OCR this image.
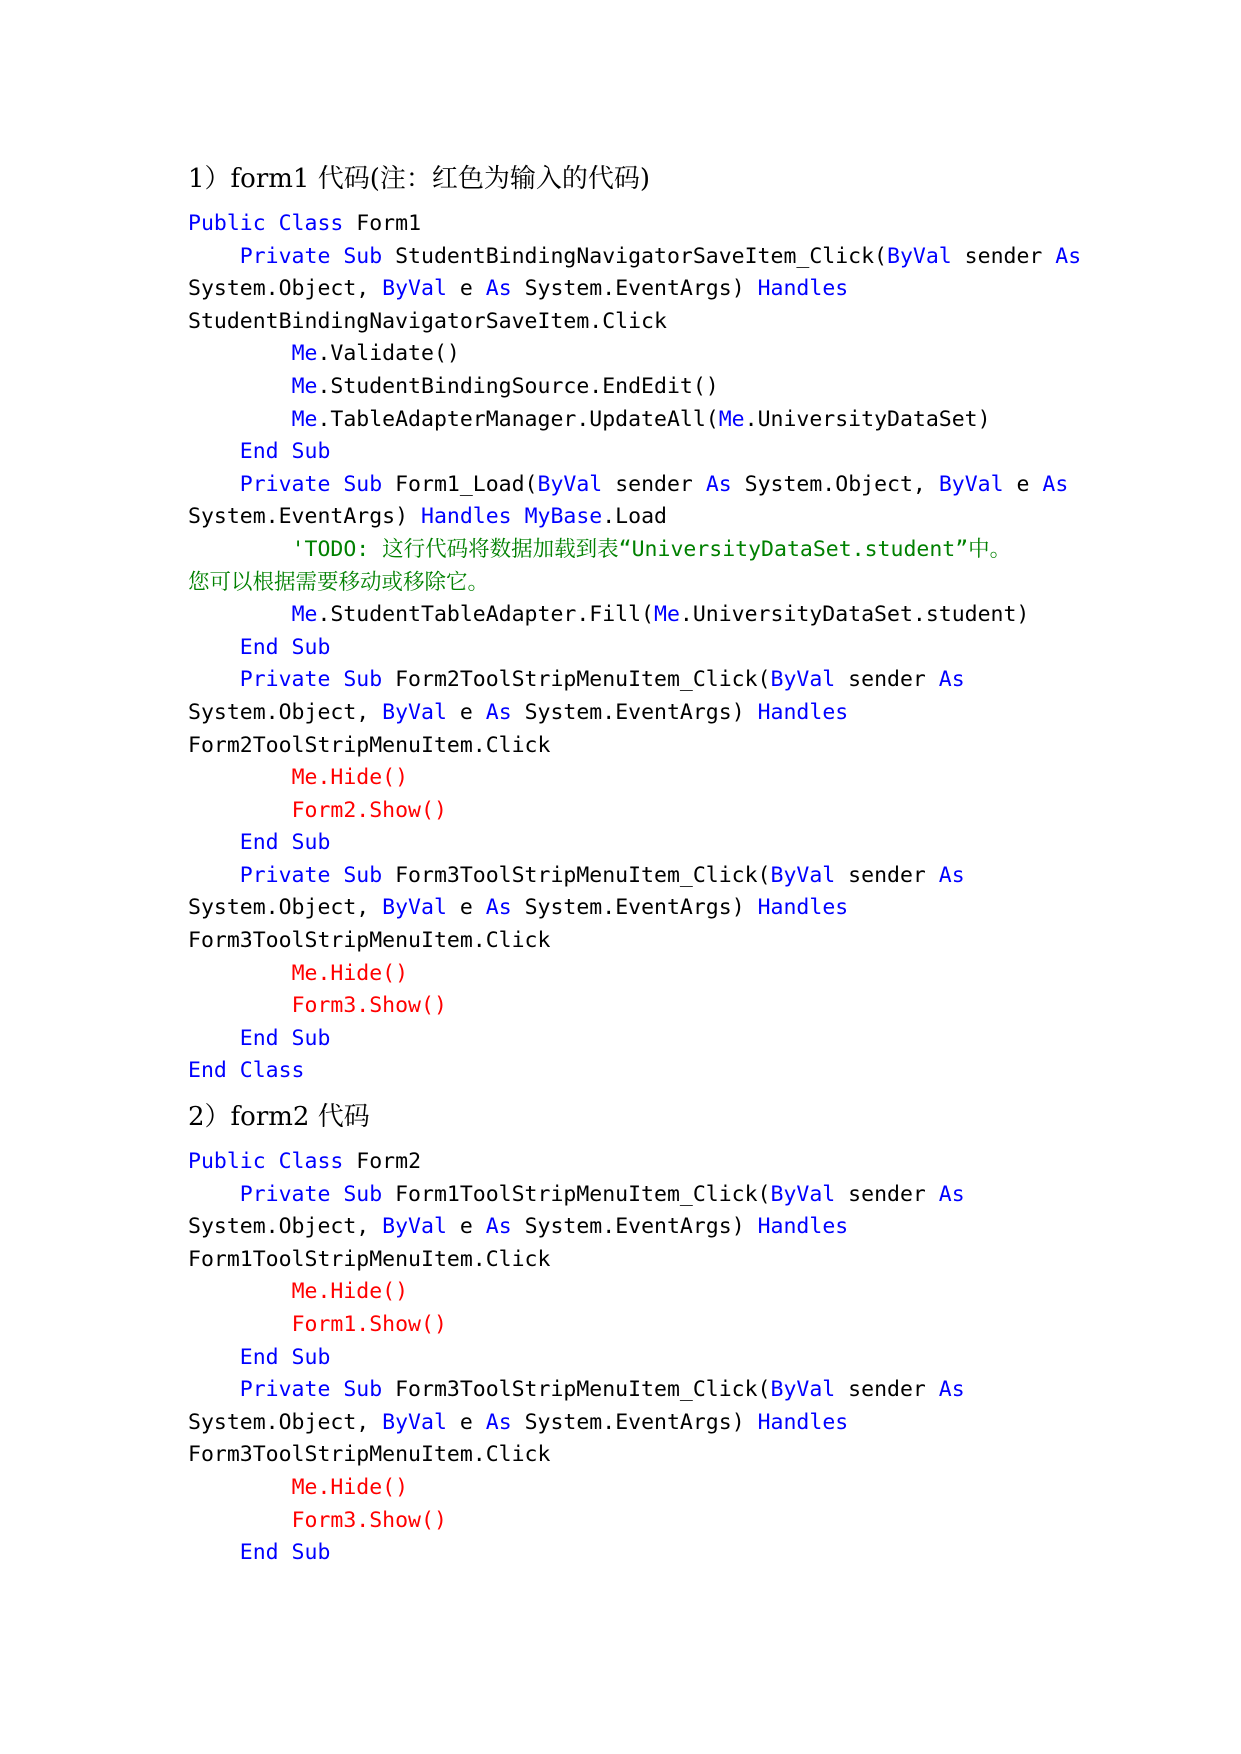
1）form1 代码(注：红色为输入的代码)
Public Class Form1
Private Sub StudentBindingNavigatorSaveItem_Click(ByVal sender As
System.Object, ByVal e As System.EventArgs) Handles
StudentBindingNavigatorSaveItem.Click
Me.Validate()
Me.StudentBindingSource.EndEdit()
Me.TableAdapterManager.UpdateAll(Me.UniversityDataSet)
End Sub
Private Sub Form1_Load(ByVal sender As System.Object, ByVal e As
System.EventArgs) Handles MyBase.Load
'TODO: 这行代码将数据加载到表“UniversityDataSet.student”中。
您可以根据需要移动或移除它。
Me.StudentTableAdapter.Fill(Me.UniversityDataSet.student)
End Sub
Private Sub Form2ToolStripMenuItem_Click(ByVal sender As
System.Object, ByVal e As System.EventArgs) Handles
Form2ToolStripMenuItem.Click
Me.Hide()
Form2.Show()
End Sub
Private Sub Form3ToolStripMenuItem_Click(ByVal sender As
System.Object, ByVal e As System.EventArgs) Handles
Form3ToolStripMenuItem.Click
Me.Hide()
Form3.Show()
End Sub
End Class
2）form2 代码
Public Class Form2
Private Sub Form1ToolStripMenuItem_Click(ByVal sender As
System.Object, ByVal e As System.EventArgs) Handles
Form1ToolStripMenuItem.Click
Me.Hide()
Form1.Show()
End Sub
Private Sub Form3ToolStripMenuItem_Click(ByVal sender As
System.Object, ByVal e As System.EventArgs) Handles
Form3ToolStripMenuItem.Click
Me.Hide()
Form3.Show()
End Sub
